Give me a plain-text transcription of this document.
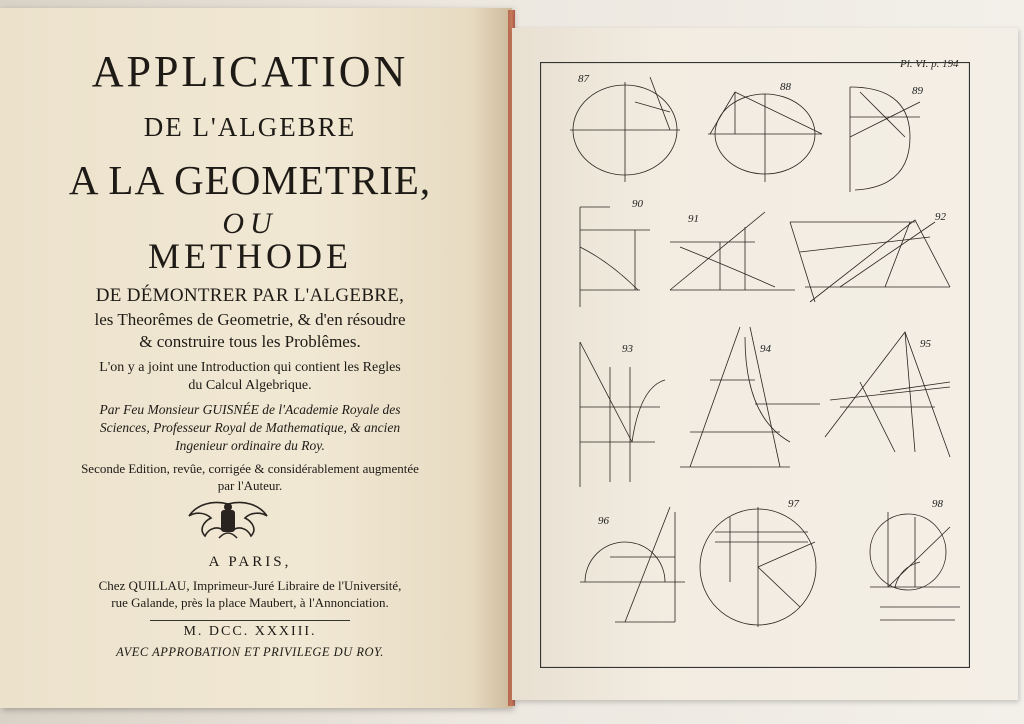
APPLICATION
DE L'ALGEBRE
A LA GEOMETRIE,
OU
METHODE
DE DÉMONTRER PAR L'ALGEBRE,
les Theorêmes de Geometrie, & d'en résoudre
& construire tous les Problêmes.
L'on y a joint une Introduction qui contient les Regles
du Calcul Algebrique.
Par Feu Monsieur GUISNÉE de l'Academie Royale des
Sciences, Professeur Royal de Mathematique, & ancien
Ingenieur ordinaire du Roy.
Seconde Edition, revûe, corrigée & considérablement augmentée
par l'Auteur.
A PARIS,
Chez QUILLAU, Imprimeur-Juré Libraire de l'Université,
rue Galande, près la place Maubert, à l'Annonciation.
M. DCC. XXXIII.
AVEC APPROBATION ET PRIVILEGE DU ROY.
Pl. VI. p. 194
87
88	89
90
91	92
93	94	95
96
97	98
